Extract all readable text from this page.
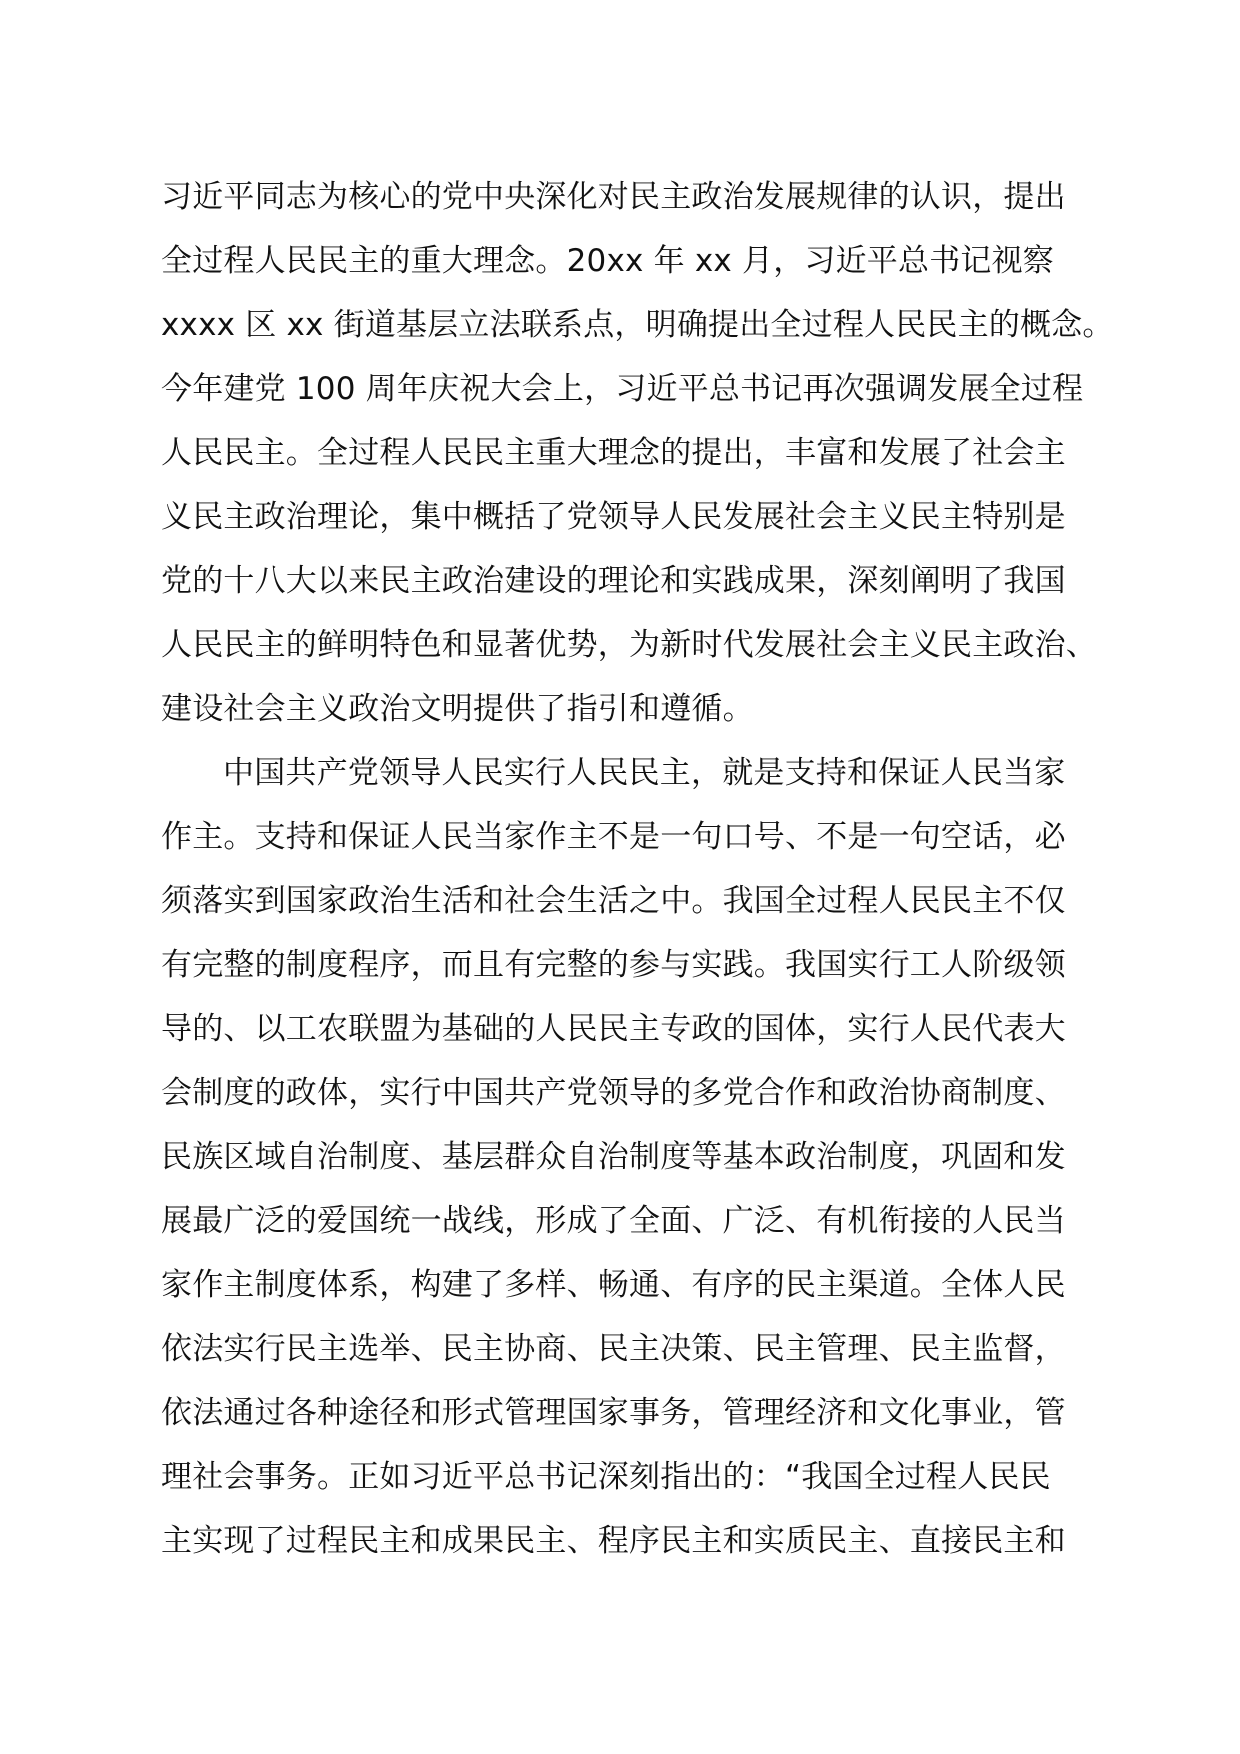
习近平同志为核心的党中央深化对民主政治发展规律的认识，提出
全过程人民民主的重大理念。20xx 年 xx 月，习近平总书记视察
xxxx 区 xx 街道基层立法联系点，明确提出全过程人民民主的概念。
今年建党 100 周年庆祝大会上，习近平总书记再次强调发展全过程
人民民主。全过程人民民主重大理念的提出，丰富和发展了社会主
义民主政治理论，集中概括了党领导人民发展社会主义民主特别是
党的十八大以来民主政治建设的理论和实践成果，深刻阐明了我国
人民民主的鲜明特色和显著优势，为新时代发展社会主义民主政治、
建设社会主义政治文明提供了指引和遵循。
中国共产党领导人民实行人民民主，就是支持和保证人民当家
作主。支持和保证人民当家作主不是一句口号、不是一句空话，必
须落实到国家政治生活和社会生活之中。我国全过程人民民主不仅
有完整的制度程序，而且有完整的参与实践。我国实行工人阶级领
导的、以工农联盟为基础的人民民主专政的国体，实行人民代表大
会制度的政体，实行中国共产党领导的多党合作和政治协商制度、
民族区域自治制度、基层群众自治制度等基本政治制度，巩固和发
展最广泛的爱国统一战线，形成了全面、广泛、有机衔接的人民当
家作主制度体系，构建了多样、畅通、有序的民主渠道。全体人民
依法实行民主选举、民主协商、民主决策、民主管理、民主监督，
依法通过各种途径和形式管理国家事务，管理经济和文化事业，管
理社会事务。正如习近平总书记深刻指出的：“我国全过程人民民
主实现了过程民主和成果民主、程序民主和实质民主、直接民主和
